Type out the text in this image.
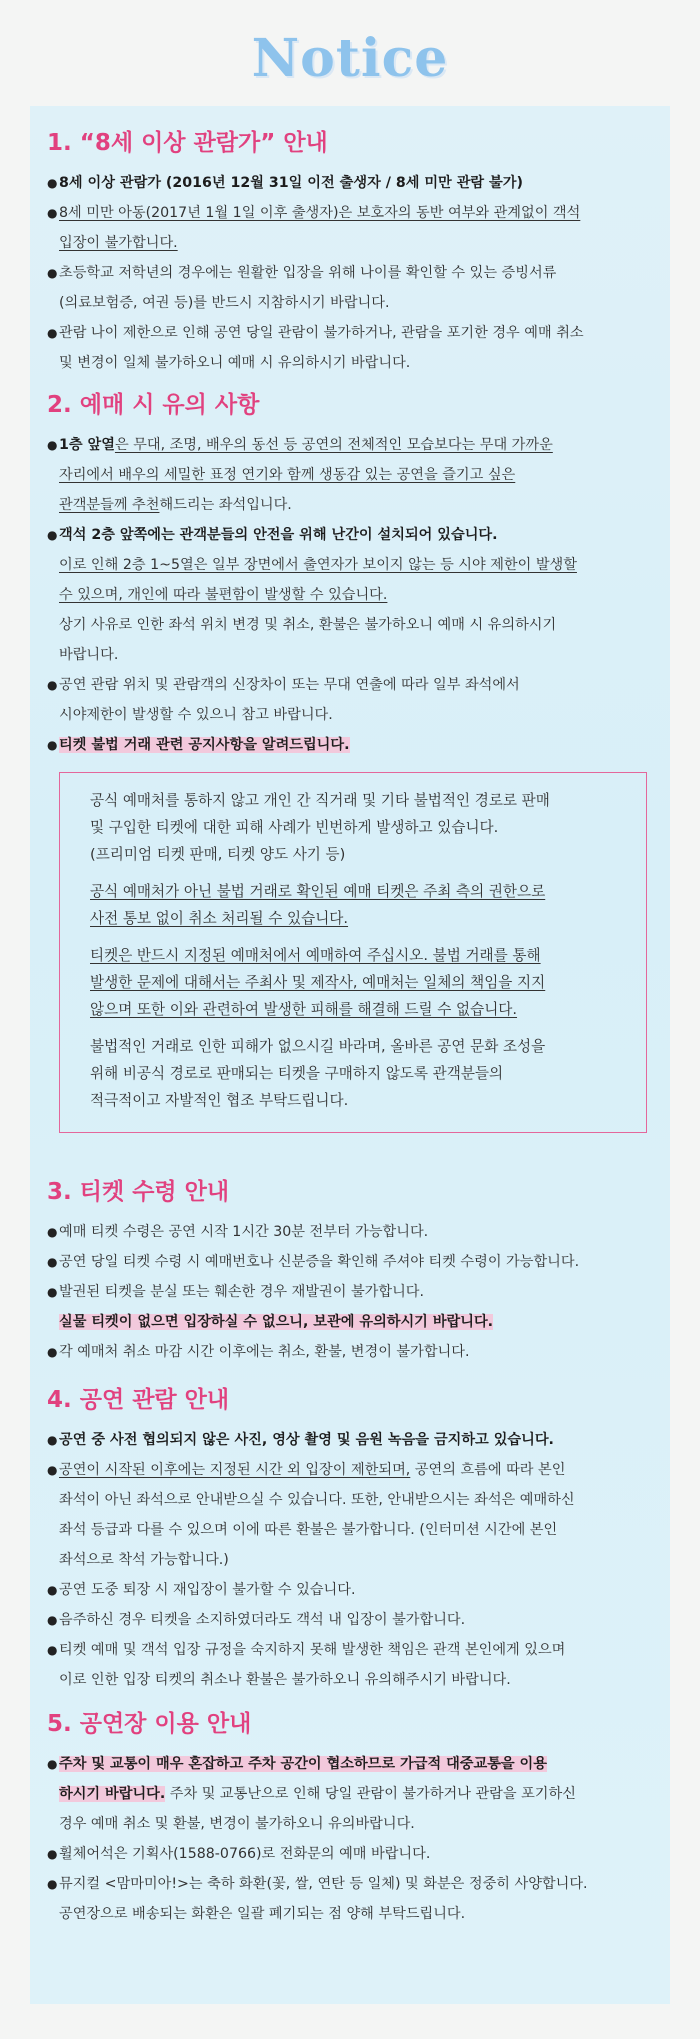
Notice
1. “8세 이상 관람가” 안내
● 8세 이상 관람가 (2016년 12월 31일 이전 출생자 / 8세 미만 관람 불가)
● 8세 미만 아동(2017년 1월 1일 이후 출생자)은 보호자의 동반 여부와 관계없이 객석
입장이 불가합니다.
● 초등학교 저학년의 경우에는 원활한 입장을 위해 나이를 확인할 수 있는 증빙서류
(의료보험증, 여권 등)를 반드시 지참하시기 바랍니다.
● 관람 나이 제한으로 인해 공연 당일 관람이 불가하거나, 관람을 포기한 경우 예매 취소
및 변경이 일체 불가하오니 예매 시 유의하시기 바랍니다.
2. 예매 시 유의 사항
● 1층 앞열은 무대, 조명, 배우의 동선 등 공연의 전체적인 모습보다는 무대 가까운
자리에서 배우의 세밀한 표정 연기와 함께 생동감 있는 공연을 즐기고 싶은
관객분들께 추천해드리는 좌석입니다.
● 객석 2층 앞쪽에는 관객분들의 안전을 위해 난간이 설치되어 있습니다.
이로 인해 2층 1~5열은 일부 장면에서 출연자가 보이지 않는 등 시야 제한이 발생할
수 있으며, 개인에 따라 불편함이 발생할 수 있습니다.
상기 사유로 인한 좌석 위치 변경 및 취소, 환불은 불가하오니 예매 시 유의하시기
바랍니다.
● 공연 관람 위치 및 관람객의 신장차이 또는 무대 연출에 따라 일부 좌석에서
시야제한이 발생할 수 있으니 참고 바랍니다.
● 티켓 불법 거래 관련 공지사항을 알려드립니다.

공식 예매처를 통하지 않고 개인 간 직거래 및 기타 불법적인 경로로 판매
및 구입한 티켓에 대한 피해 사례가 빈번하게 발생하고 있습니다.
(프리미엄 티켓 판매, 티켓 양도 사기 등)

공식 예매처가 아닌 불법 거래로 확인된 예매 티켓은 주최 측의 권한으로
사전 통보 없이 취소 처리될 수 있습니다.

티켓은 반드시 지정된 예매처에서 예매하여 주십시오. 불법 거래를 통해
발생한 문제에 대해서는 주최사 및 제작사, 예매처는 일체의 책임을 지지
않으며 또한 이와 관련하여 발생한 피해를 해결해 드릴 수 없습니다.

불법적인 거래로 인한 피해가 없으시길 바라며, 올바른 공연 문화 조성을
위해 비공식 경로로 판매되는 티켓을 구매하지 않도록 관객분들의
적극적이고 자발적인 협조 부탁드립니다.

3. 티켓 수령 안내
● 예매 티켓 수령은 공연 시작 1시간 30분 전부터 가능합니다.
● 공연 당일 티켓 수령 시 예매번호나 신분증을 확인해 주셔야 티켓 수령이 가능합니다.
● 발권된 티켓을 분실 또는 훼손한 경우 재발권이 불가합니다.
실물 티켓이 없으면 입장하실 수 없으니, 보관에 유의하시기 바랍니다.
● 각 예매처 취소 마감 시간 이후에는 취소, 환불, 변경이 불가합니다.
4. 공연 관람 안내
● 공연 중 사전 협의되지 않은 사진, 영상 촬영 및 음원 녹음을 금지하고 있습니다.
● 공연이 시작된 이후에는 지정된 시간 외 입장이 제한되며, 공연의 흐름에 따라 본인
좌석이 아닌 좌석으로 안내받으실 수 있습니다. 또한, 안내받으시는 좌석은 예매하신
좌석 등급과 다를 수 있으며 이에 따른 환불은 불가합니다. (인터미션 시간에 본인
좌석으로 착석 가능합니다.)
● 공연 도중 퇴장 시 재입장이 불가할 수 있습니다.
● 음주하신 경우 티켓을 소지하였더라도 객석 내 입장이 불가합니다.
● 티켓 예매 및 객석 입장 규정을 숙지하지 못해 발생한 책임은 관객 본인에게 있으며
이로 인한 입장 티켓의 취소나 환불은 불가하오니 유의해주시기 바랍니다.
5. 공연장 이용 안내
● 주차 및 교통이 매우 혼잡하고 주차 공간이 협소하므로 가급적 대중교통을 이용
하시기 바랍니다. 주차 및 교통난으로 인해 당일 관람이 불가하거나 관람을 포기하신
경우 예매 취소 및 환불, 변경이 불가하오니 유의바랍니다.
● 휠체어석은 기획사(1588-0766)로 전화문의 예매 바랍니다.
● 뮤지컬 <맘마미아!>는 축하 화환(꽃, 쌀, 연탄 등 일체) 및 화분은 정중히 사양합니다.
공연장으로 배송되는 화환은 일괄 폐기되는 점 양해 부탁드립니다.
